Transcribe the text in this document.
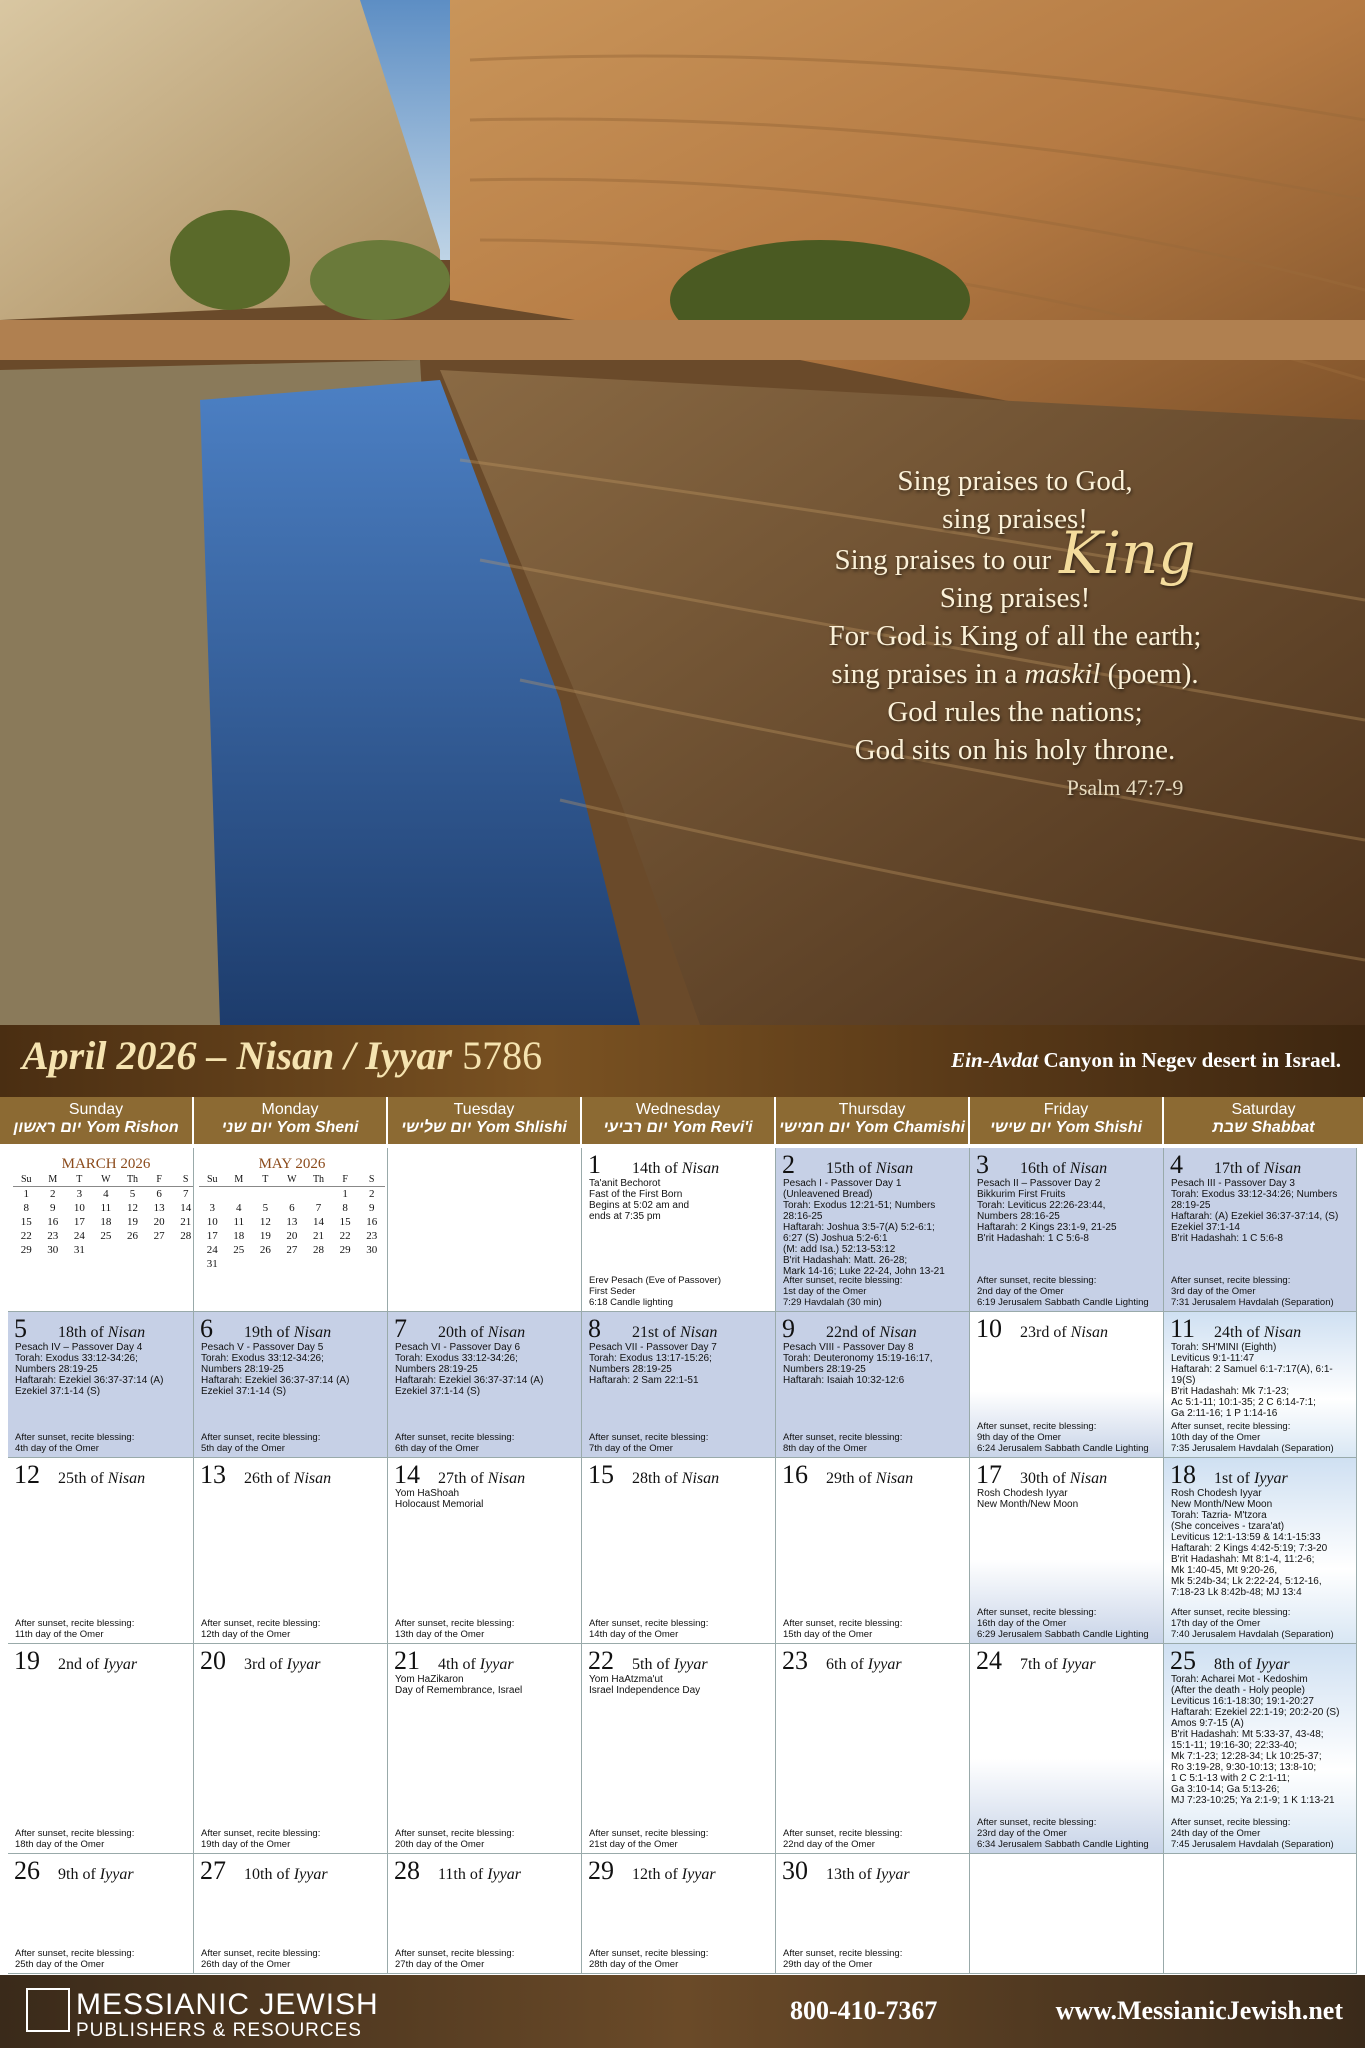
Sing praises to God,
sing praises!
Sing praises to our King
Sing praises!
For God is King of all the earth;
sing praises in a maskil (poem).
God rules the nations;
God sits on his holy throne.
Psalm 47:7-9
April 2026 – Nisan / Iyyar 5786	Ein-Avdat Canyon in Negev desert in Israel.
Sunday
יום ראשון Yom Rishon
Monday
יום שני Yom Sheni
Tuesday
יום שלישי Yom Shlishi
Wednesday
יום רביעי Yom Revi'i
Thursday
יום חמישי Yom Chamishi
Friday
יום שישי Yom Shishi
Saturday
שבת Shabbat
MARCH 2026
Su	M	T	W	Th	F	S
1	2	3	4	5	6	7
8	9	10	11	12	13	14
15	16	17	18	19	20	21
22	23	24	25	26	27	28
29	30	31				
MAY 2026
Su	M	T	W	Th	F	S
					1	2
3	4	5	6	7	8	9
10	11	12	13	14	15	16
17	18	19	20	21	22	23
24	25	26	27	28	29	30
31						
1 14th of Nisan
Ta'anit Bechorot
Fast of the First Born
Begins at 5:02 am and
ends at 7:35 pm
Erev Pesach (Eve of Passover)
First Seder
6:18 Candle lighting
2 15th of Nisan
Pesach I - Passover Day 1
(Unleavened Bread)
Torah: Exodus 12:21-51; Numbers 28:16-25
Haftarah: Joshua 3:5-7(A) 5:2-6:1;
6:27 (S) Joshua 5:2-6:1
(M: add Isa.) 52:13-53:12
B'rit Hadashah: Matt. 26-28;
Mark 14-16; Luke 22-24, John 13-21
After sunset, recite blessing:
1st day of the Omer
7:29 Havdalah (30 min)
3 16th of Nisan
Pesach II – Passover Day 2
Bikkurim First Fruits
Torah: Leviticus 22:26-23:44,
Numbers 28:16-25
Haftarah: 2 Kings 23:1-9, 21-25
B'rit Hadashah: 1 C 5:6-8
After sunset, recite blessing:
2nd day of the Omer
6:19 Jerusalem Sabbath Candle Lighting
4 17th of Nisan
Pesach III - Passover Day 3
Torah: Exodus 33:12-34:26; Numbers
28:19-25
Haftarah: (A) Ezekiel 36:37-37:14, (S)
Ezekiel 37:1-14
B'rit Hadashah: 1 C 5:6-8
After sunset, recite blessing:
3rd day of the Omer
7:31 Jerusalem Havdalah (Separation)
5 18th of Nisan
Pesach IV – Passover Day 4
Torah: Exodus 33:12-34:26;
Numbers 28:19-25
Haftarah: Ezekiel 36:37-37:14 (A)
Ezekiel 37:1-14 (S)
After sunset, recite blessing:
4th day of the Omer
6 19th of Nisan
Pesach V - Passover Day 5
Torah: Exodus 33:12-34:26;
Numbers 28:19-25
Haftarah: Ezekiel 36:37-37:14 (A)
Ezekiel 37:1-14 (S)
After sunset, recite blessing:
5th day of the Omer
7 20th of Nisan
Pesach VI - Passover Day 6
Torah: Exodus 33:12-34:26;
Numbers 28:19-25
Haftarah: Ezekiel 36:37-37:14 (A)
Ezekiel 37:1-14 (S)
After sunset, recite blessing:
6th day of the Omer
8 21st of Nisan
Pesach VII - Passover Day 7
Torah: Exodus 13:17-15:26;
Numbers 28:19-25
Haftarah: 2 Sam 22:1-51
After sunset, recite blessing:
7th day of the Omer
9 22nd of Nisan
Pesach VIII - Passover Day 8
Torah: Deuteronomy 15:19-16:17,
Numbers 28:19-25
Haftarah: Isaiah 10:32-12:6
After sunset, recite blessing:
8th day of the Omer
10 23rd of Nisan
After sunset, recite blessing:
9th day of the Omer
6:24 Jerusalem Sabbath Candle Lighting
11 24th of Nisan
Torah: SH'MINI (Eighth)
Leviticus 9:1-11:47
Haftarah: 2 Samuel 6:1-7:17(A), 6:1-19(S)
B'rit Hadashah: Mk 7:1-23;
Ac 5:1-11; 10:1-35; 2 C 6:14-7:1;
Ga 2:11-16; 1 P 1:14-16
After sunset, recite blessing:
10th day of the Omer
7:35 Jerusalem Havdalah (Separation)
12 25th of Nisan
After sunset, recite blessing:
11th day of the Omer
13 26th of Nisan
After sunset, recite blessing:
12th day of the Omer
14 27th of Nisan
Yom HaShoah
Holocaust Memorial
After sunset, recite blessing:
13th day of the Omer
15 28th of Nisan
After sunset, recite blessing:
14th day of the Omer
16 29th of Nisan
After sunset, recite blessing:
15th day of the Omer
17 30th of Nisan
Rosh Chodesh Iyyar
New Month/New Moon
After sunset, recite blessing:
16th day of the Omer
6:29 Jerusalem Sabbath Candle Lighting
18 1st of Iyyar
Rosh Chodesh Iyyar
New Month/New Moon
Torah: Tazria- M'tzora
(She conceives - tzara'at)
Leviticus 12:1-13:59 & 14:1-15:33
Haftarah: 2 Kings 4:42-5:19; 7:3-20
B'rit Hadashah: Mt 8:1-4, 11:2-6;
Mk 1:40-45, Mt 9:20-26,
Mk 5:24b-34; Lk 2:22-24, 5:12-16,
7:18-23 Lk 8:42b-48; MJ 13:4
After sunset, recite blessing:
17th day of the Omer
7:40 Jerusalem Havdalah (Separation)
19 2nd of Iyyar
After sunset, recite blessing:
18th day of the Omer
20 3rd of Iyyar
After sunset, recite blessing:
19th day of the Omer
21 4th of Iyyar
Yom HaZikaron
Day of Remembrance, Israel
After sunset, recite blessing:
20th day of the Omer
22 5th of Iyyar
Yom HaAtzma'ut
Israel Independence Day
After sunset, recite blessing:
21st day of the Omer
23 6th of Iyyar
After sunset, recite blessing:
22nd day of the Omer
24 7th of Iyyar
After sunset, recite blessing:
23rd day of the Omer
6:34 Jerusalem Sabbath Candle Lighting
25 8th of Iyyar
Torah: Acharei Mot - Kedoshim
(After the death - Holy people)
Leviticus 16:1-18:30; 19:1-20:27
Haftarah: Ezekiel 22:1-19; 20:2-20 (S)
Amos 9:7-15 (A)
B'rit Hadashah: Mt 5:33-37, 43-48;
15:1-11; 19:16-30; 22:33-40;
Mk 7:1-23; 12:28-34; Lk 10:25-37;
Ro 3:19-28, 9:30-10:13; 13:8-10;
1 C 5:1-13 with 2 C 2:1-11;
Ga 3:10-14; Ga 5:13-26;
MJ 7:23-10:25; Ya 2:1-9; 1 K 1:13-21
After sunset, recite blessing:
24th day of the Omer
7:45 Jerusalem Havdalah (Separation)
26 9th of Iyyar
After sunset, recite blessing:
25th day of the Omer
27 10th of Iyyar
After sunset, recite blessing:
26th day of the Omer
28 11th of Iyyar
After sunset, recite blessing:
27th day of the Omer
29 12th of Iyyar
After sunset, recite blessing:
28th day of the Omer
30 13th of Iyyar
After sunset, recite blessing:
29th day of the Omer
MESSIANIC JEWISH
PUBLISHERS & RESOURCES
800-410-7367	www.MessianicJewish.net
